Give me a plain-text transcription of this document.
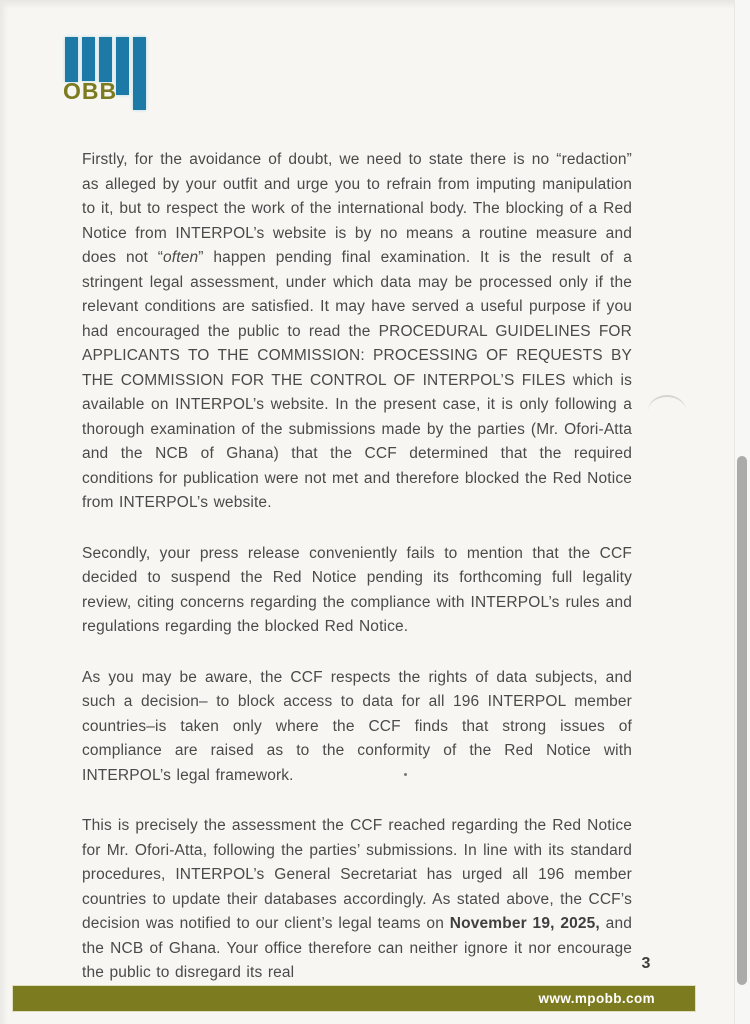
OBB

Firstly, for the avoidance of doubt, we need to state there is no “redaction” as alleged by your outfit and urge you to refrain from imputing manipulation to it, but to respect the work of the international body. The blocking of a Red Notice from INTERPOL’s website is by no means a routine measure and does not “often” happen pending final examination. It is the result of a stringent legal assessment, under which data may be processed only if the relevant conditions are satisfied. It may have served a useful purpose if you had encouraged the public to read the PROCEDURAL GUIDELINES FOR APPLICANTS TO THE COMMISSION: PROCESSING OF REQUESTS BY THE COMMISSION FOR THE CONTROL OF INTERPOL’S FILES which is available on INTERPOL’s website. In the present case, it is only following a thorough examination of the submissions made by the parties (Mr. Ofori-Atta and the NCB of Ghana) that the CCF determined that the required conditions for publication were not met and therefore blocked the Red Notice from INTERPOL’s website.

Secondly, your press release conveniently fails to mention that the CCF decided to suspend the Red Notice pending its forthcoming full legality review, citing concerns regarding the compliance with INTERPOL’s rules and regulations regarding the blocked Red Notice.

As you may be aware, the CCF respects the rights of data subjects, and such a decision– to block access to data for all 196 INTERPOL member countries–is taken only where the CCF finds that strong issues of compliance are raised as to the conformity of the Red Notice with INTERPOL’s legal framework.

This is precisely the assessment the CCF reached regarding the Red Notice for Mr. Ofori-Atta, following the parties’ submissions. In line with its standard procedures, INTERPOL’s General Secretariat has urged all 196 member countries to update their databases accordingly. As stated above, the CCF’s decision was notified to our client’s legal teams on November 19, 2025, and the NCB of Ghana. Your office therefore can neither ignore it nor encourage the public to disregard its real

3
www.mpobb.com
